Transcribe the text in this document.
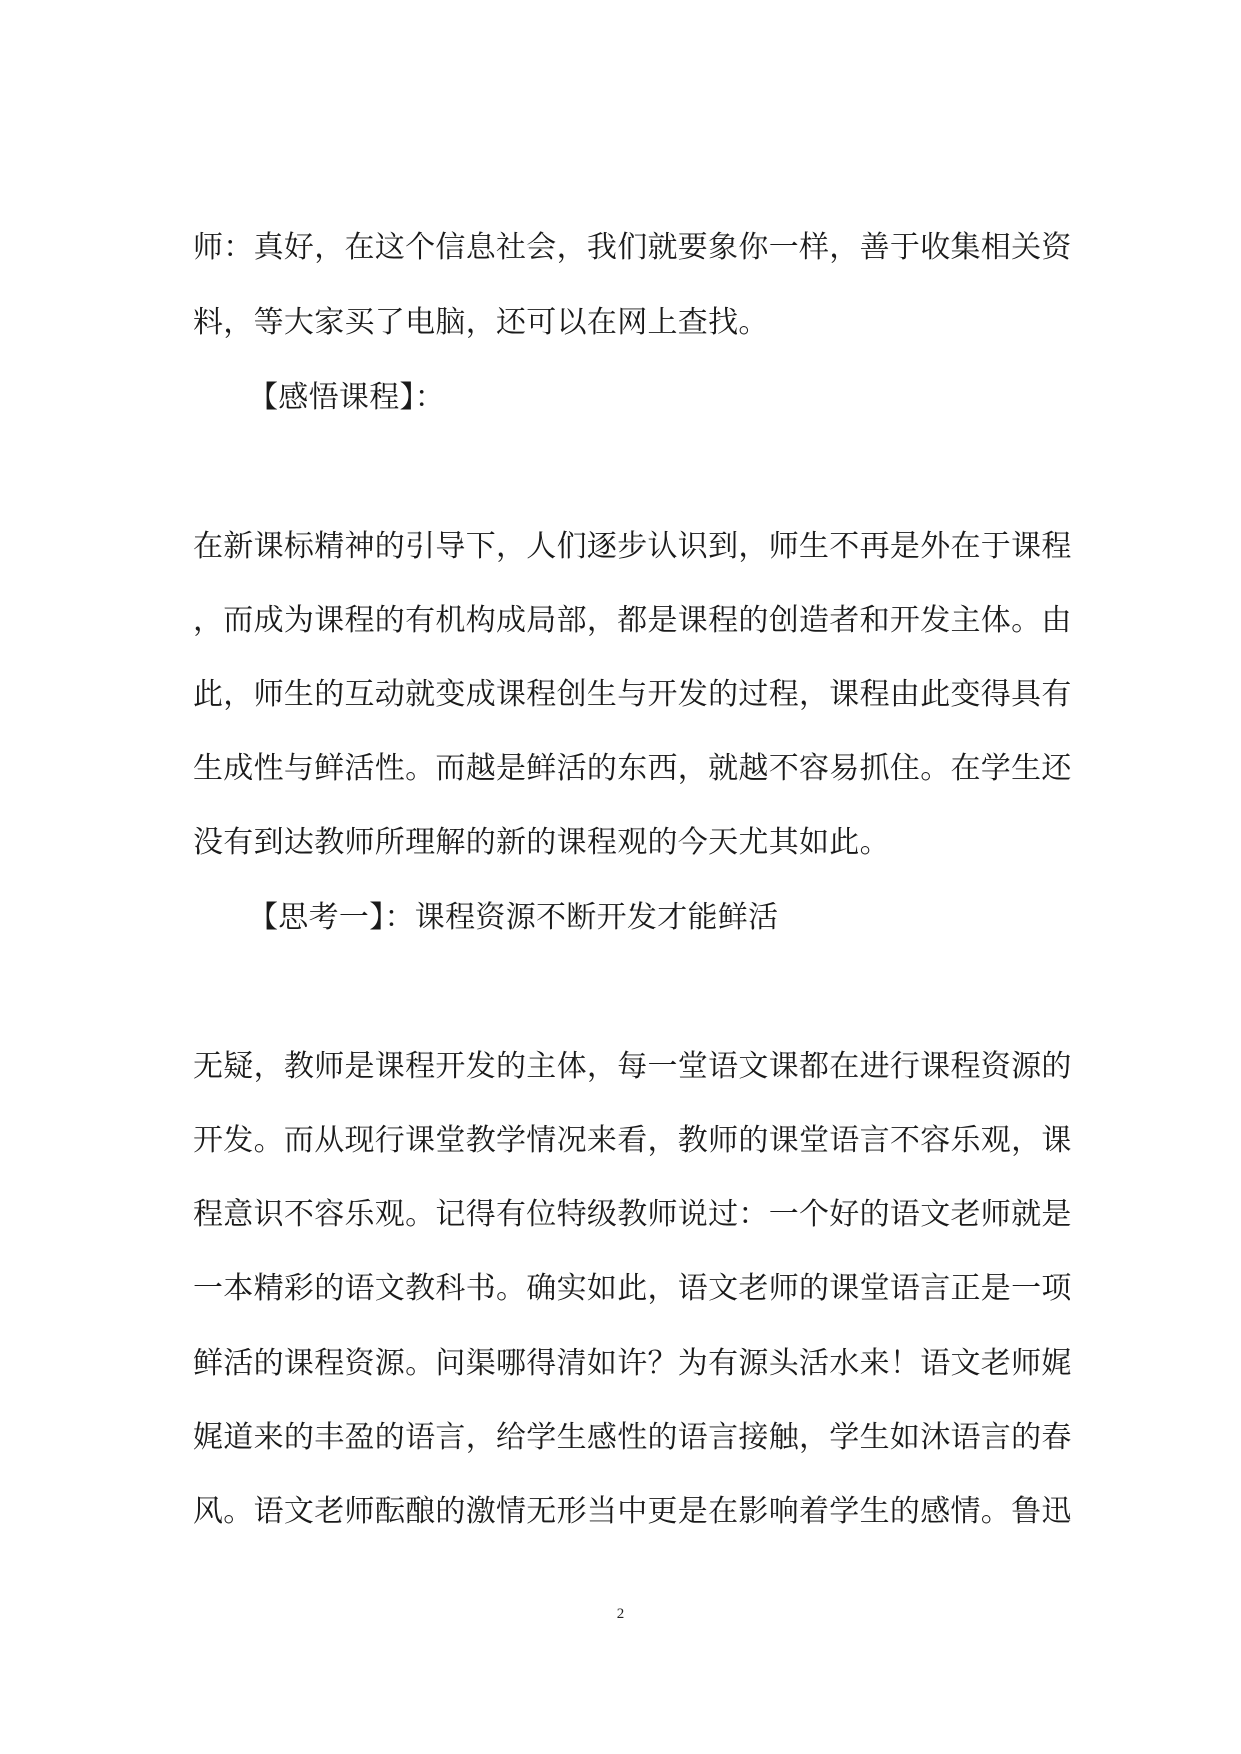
师：真好，在这个信息社会，我们就要象你一样，善于收集相关资
料，等大家买了电脑，还可以在网上查找。
【感悟课程】：
在新课标精神的引导下，人们逐步认识到，师生不再是外在于课程
，而成为课程的有机构成局部，都是课程的创造者和开发主体。由
此，师生的互动就变成课程创生与开发的过程，课程由此变得具有
生成性与鲜活性。而越是鲜活的东西，就越不容易抓住。在学生还
没有到达教师所理解的新的课程观的今天尤其如此。
【思考一】：课程资源不断开发才能鲜活
无疑，教师是课程开发的主体，每一堂语文课都在进行课程资源的
开发。而从现行课堂教学情况来看，教师的课堂语言不容乐观，课
程意识不容乐观。记得有位特级教师说过：一个好的语文老师就是
一本精彩的语文教科书。确实如此，语文老师的课堂语言正是一项
鲜活的课程资源。问渠哪得清如许？为有源头活水来！语文老师娓
娓道来的丰盈的语言，给学生感性的语言接触，学生如沐语言的春
风。语文老师酝酿的激情无形当中更是在影响着学生的感情。鲁迅
2
